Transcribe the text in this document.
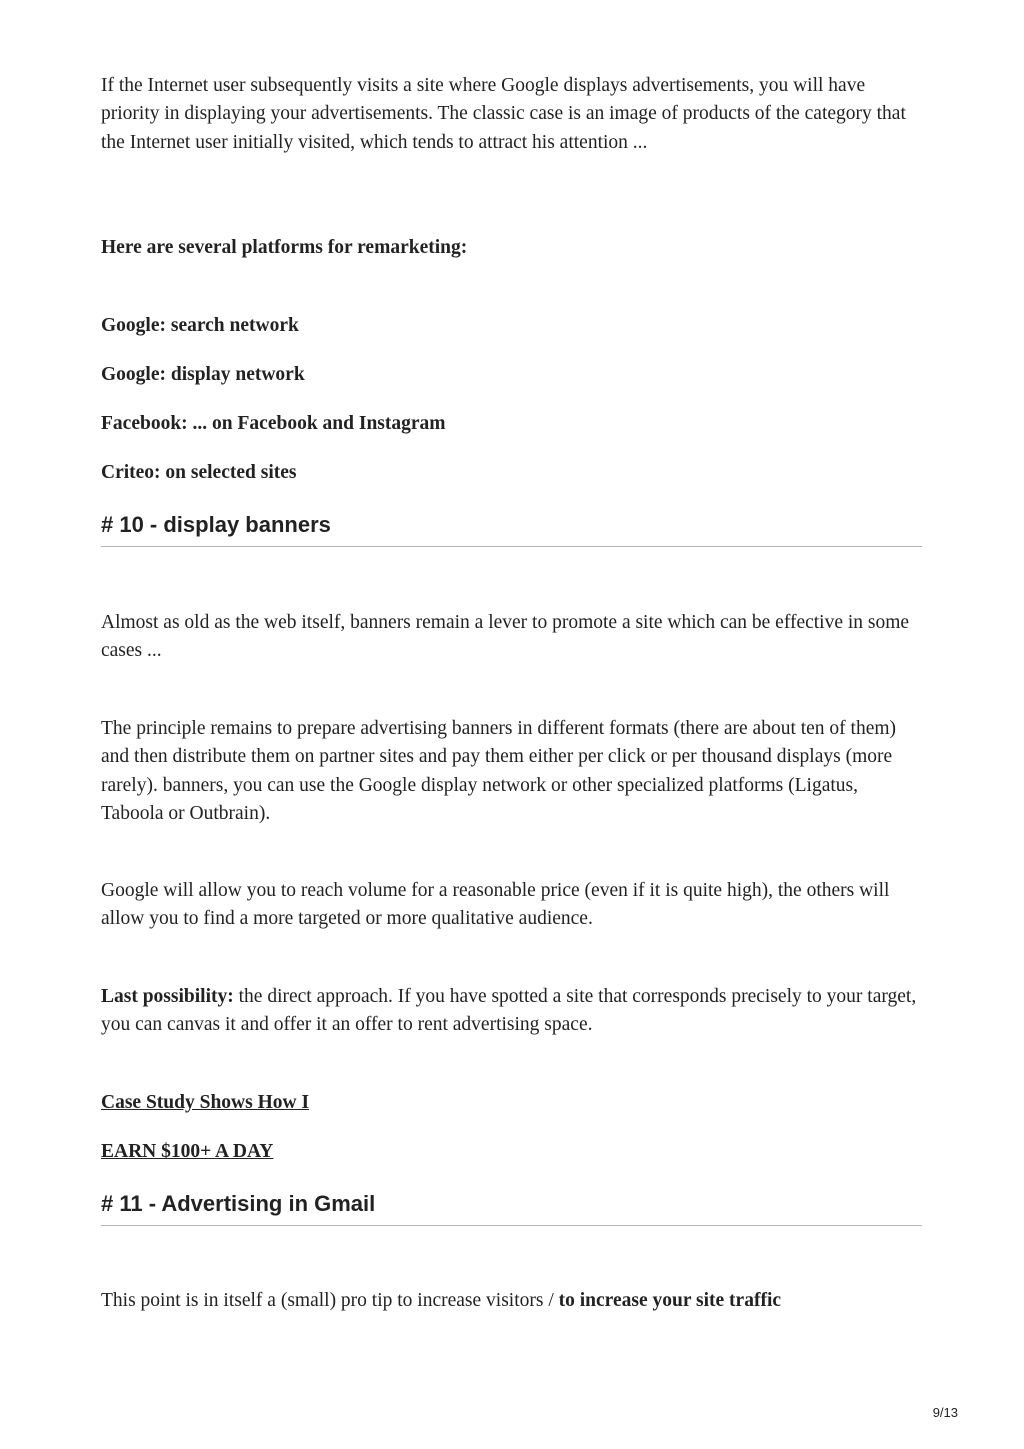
If the Internet user subsequently visits a site where Google displays advertisements, you will have priority in displaying your advertisements. The classic case is an image of products of the category that the Internet user initially visited, which tends to attract his attention ...

Here are several platforms for remarketing:

Google: search network

Google: display network

Facebook: ... on Facebook and Instagram

Criteo: on selected sites

# 10 - display banners

Almost as old as the web itself, banners remain a lever to promote a site which can be effective in some cases ...

The principle remains to prepare advertising banners in different formats (there are about ten of them) and then distribute them on partner sites and pay them either per click or per thousand displays (more rarely). banners, you can use the Google display network or other specialized platforms (Ligatus, Taboola or Outbrain).

Google will allow you to reach volume for a reasonable price (even if it is quite high), the others will allow you to find a more targeted or more qualitative audience.

Last possibility: the direct approach. If you have spotted a site that corresponds precisely to your target, you can canvas it and offer it an offer to rent advertising space.

Case Study Shows How I

EARN $100+ A DAY

# 11 - Advertising in Gmail

This point is in itself a (small) pro tip to increase visitors / to increase your site traffic

9/13
